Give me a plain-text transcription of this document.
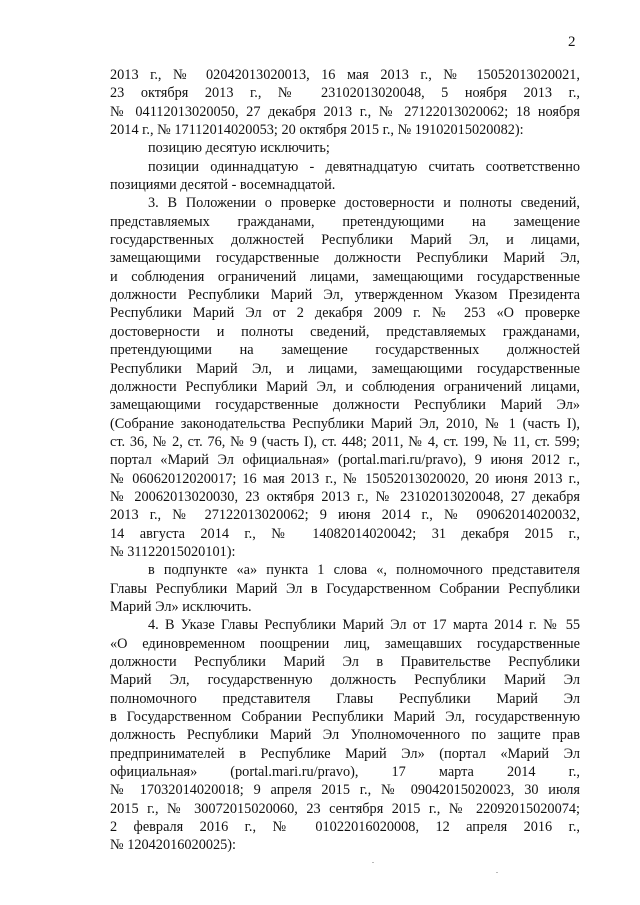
2
2013 г., № 02042013020013, 16 мая 2013 г., № 15052013020021,
23 октября 2013 г., № 23102013020048, 5 ноября 2013 г.,
№ 04112013020050, 27 декабря 2013 г., № 27122013020062; 18 ноября
2014 г., № 17112014020053; 20 октября 2015 г., № 19102015020082):
позицию десятую исключить;
позиции одиннадцатую - девятнадцатую считать соответственно
позициями десятой - восемнадцатой.
3. В Положении о проверке достоверности и полноты сведений,
представляемых гражданами, претендующими на замещение
государственных должностей Республики Марий Эл, и лицами,
замещающими государственные должности Республики Марий Эл,
и соблюдения ограничений лицами, замещающими государственные
должности Республики Марий Эл, утвержденном Указом Президента
Республики Марий Эл от 2 декабря 2009 г. № 253 «О проверке
достоверности и полноты сведений, представляемых гражданами,
претендующими на замещение государственных должностей
Республики Марий Эл, и лицами, замещающими государственные
должности Республики Марий Эл, и соблюдения ограничений лицами,
замещающими государственные должности Республики Марий Эл»
(Собрание законодательства Республики Марий Эл, 2010, № 1 (часть I),
ст. 36, № 2, ст. 76, № 9 (часть I), ст. 448; 2011, № 4, ст. 199, № 11, ст. 599;
портал «Марий Эл официальная» (portal.mari.ru/pravo), 9 июня 2012 г.,
№ 06062012020017; 16 мая 2013 г., № 15052013020020, 20 июня 2013 г.,
№ 20062013020030, 23 октября 2013 г., № 23102013020048, 27 декабря
2013 г., № 27122013020062; 9 июня 2014 г., № 09062014020032,
14 августа 2014 г., № 14082014020042; 31 декабря 2015 г.,
№ 31122015020101):
в подпункте «а» пункта 1 слова «, полномочного представителя
Главы Республики Марий Эл в Государственном Собрании Республики
Марий Эл» исключить.
4. В Указе Главы Республики Марий Эл от 17 марта 2014 г. № 55
«О единовременном поощрении лиц, замещавших государственные
должности Республики Марий Эл в Правительстве Республики
Марий Эл, государственную должность Республики Марий Эл
полномочного представителя Главы Республики Марий Эл
в Государственном Собрании Республики Марий Эл, государственную
должность Республики Марий Эл Уполномоченного по защите прав
предпринимателей в Республике Марий Эл» (портал «Марий Эл
официальная» (portal.mari.ru/pravo), 17 марта 2014 г.,
№ 17032014020018; 9 апреля 2015 г., № 09042015020023, 30 июля
2015 г., № 30072015020060, 23 сентября 2015 г., № 22092015020074;
2 февраля 2016 г., № 01022016020008, 12 апреля 2016 г.,
№ 12042016020025):
